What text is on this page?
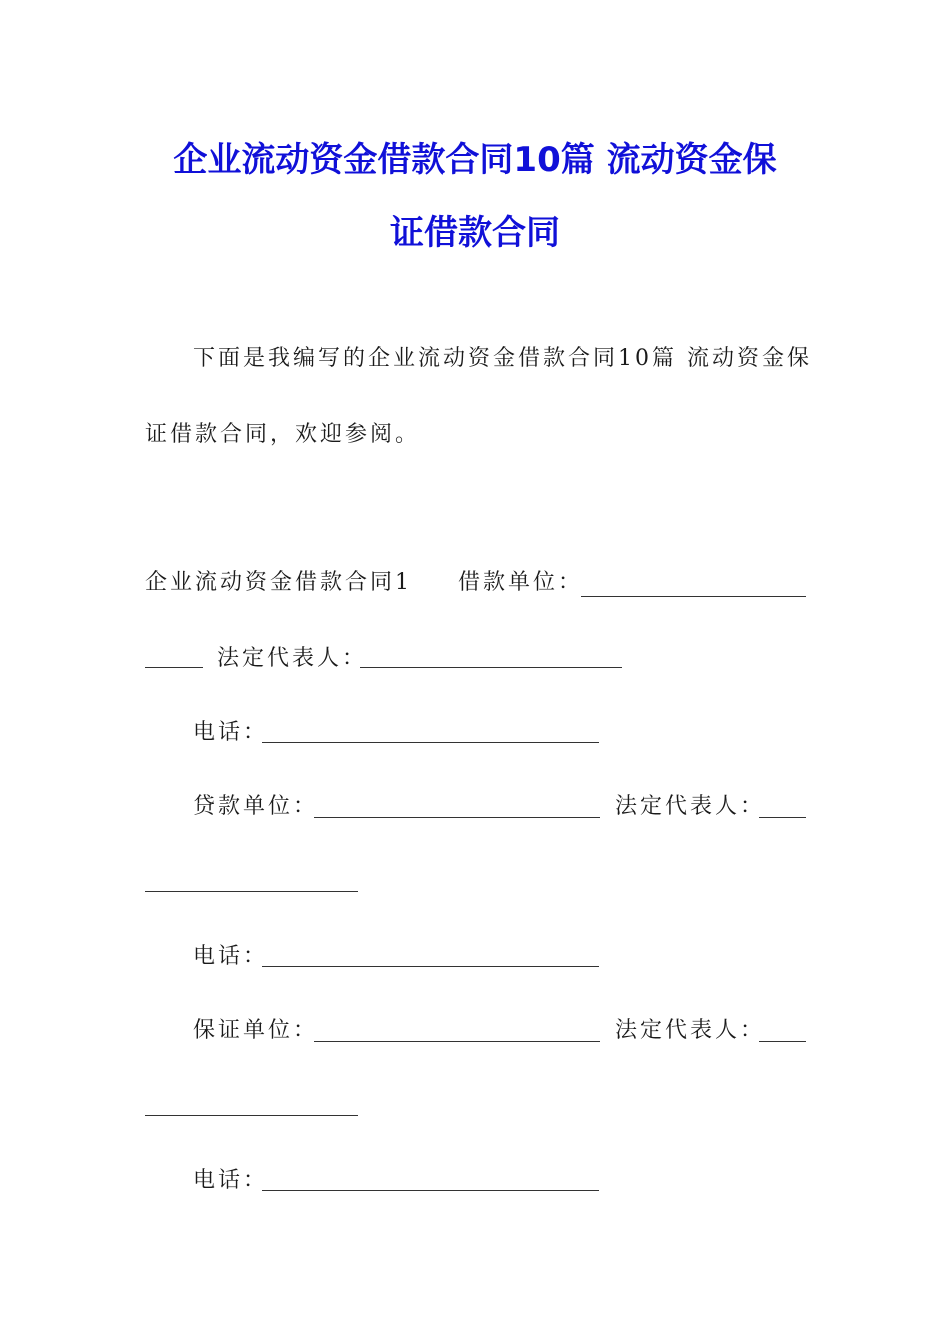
企业流动资金借款合同10篇 流动资金保
证借款合同
下面是我编写的企业流动资金借款合同10篇 流动资金保
证借款合同，欢迎参阅。
企业流动资金借款合同1 借款单位：
法定代表人：
电话：
贷款单位：	法定代表人：
电话：
保证单位：	法定代表人：
电话：
